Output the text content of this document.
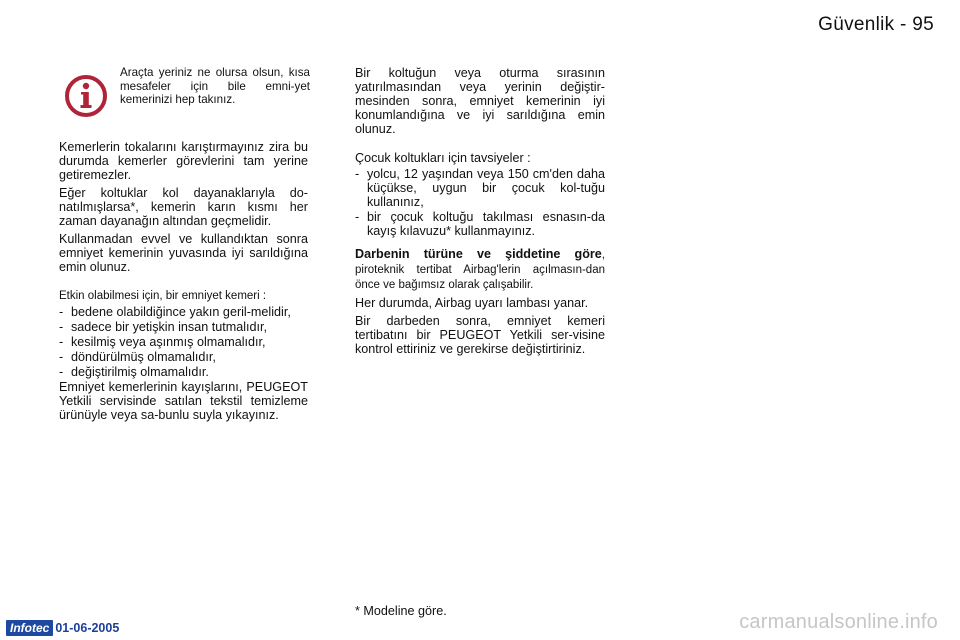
Güvenlik - 95
Araçta yeriniz ne olursa olsun, kısa mesafeler için bile emni-yet kemerinizi hep takınız.

Kemerlerin tokalarını karıştırmayınız zira bu durumda kemerler görevlerini tam yerine getiremezler.

Eğer koltuklar kol dayanaklarıyla do-natılmışlarsa*, kemerin karın kısmı her zaman dayanağın altından geçmelidir.

Kullanmadan evvel ve kullandıktan sonra emniyet kemerinin yuvasında iyi sarıldığına emin olunuz.

Etkin olabilmesi için, bir emniyet kemeri :

- bedene olabildiğince yakın geril-melidir,
- sadece bir yetişkin insan tutmalıdır,
- kesilmiş veya aşınmış olmamalıdır,
- döndürülmüş olmamalıdır,
- değiştirilmiş olmamalıdır.

Emniyet kemerlerinin kayışlarını, PEUGEOT Yetkili servisinde satılan tekstil temizleme ürünüyle veya sa-bunlu suyla yıkayınız.

Bir koltuğun veya oturma sırasının yatırılmasından veya yerinin değiştir-mesinden sonra, emniyet kemerinin iyi konumlandığına ve iyi sarıldığına emin olunuz.

Çocuk koltukları için tavsiyeler :

- yolcu, 12 yaşından veya 150 cm'den daha küçükse, uygun bir çocuk kol-tuğu kullanınız,
- bir çocuk koltuğu takılması esnasın-da kayış kılavuzu* kullanmayınız.

Darbenin türüne ve şiddetine göre, piroteknik tertibat Airbag'lerin açılmasın-dan önce ve bağımsız olarak çalışabilir.

Her durumda, Airbag uyarı lambası yanar.

Bir darbeden sonra, emniyet kemeri tertibatını bir PEUGEOT Yetkili ser-visine kontrol ettiriniz ve gerekirse değiştirtiriniz.

* Modeline göre.
Infotec 01-06-2005	carmanualsonline.info
